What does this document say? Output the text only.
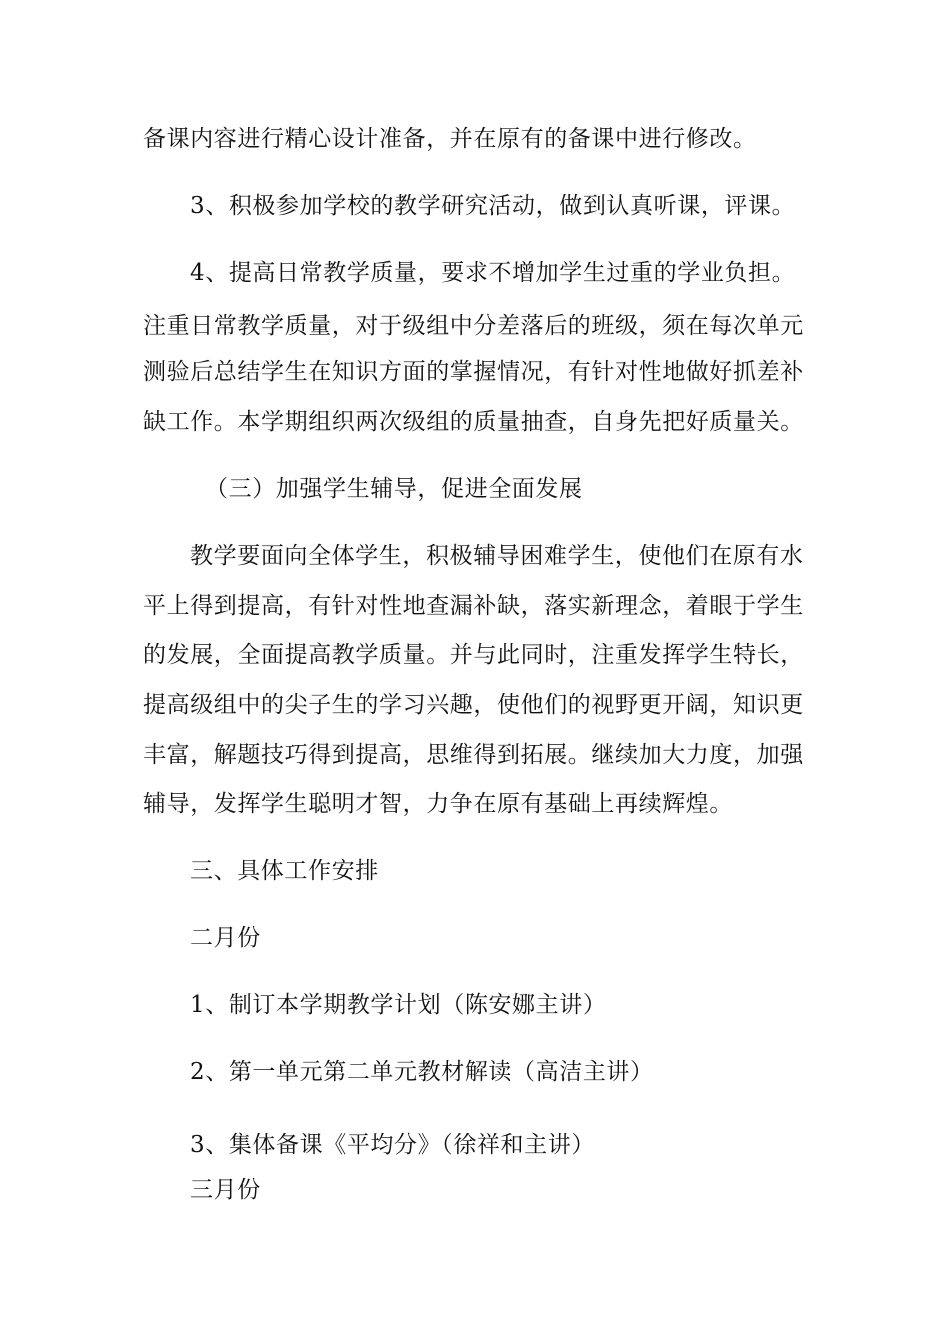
备课内容进行精心设计准备，并在原有的备课中进行修改。
3、积极参加学校的教学研究活动，做到认真听课，评课。
4、提高日常教学质量，要求不增加学生过重的学业负担。
注重日常教学质量，对于级组中分差落后的班级，须在每次单元
测验后总结学生在知识方面的掌握情况，有针对性地做好抓差补
缺工作。本学期组织两次级组的质量抽查，自身先把好质量关。
（三）加强学生辅导，促进全面发展
教学要面向全体学生，积极辅导困难学生，使他们在原有水
平上得到提高，有针对性地查漏补缺，落实新理念，着眼于学生
的发展，全面提高教学质量。并与此同时，注重发挥学生特长，
提高级组中的尖子生的学习兴趣，使他们的视野更开阔，知识更
丰富，解题技巧得到提高，思维得到拓展。继续加大力度，加强
辅导，发挥学生聪明才智，力争在原有基础上再续辉煌。
三、具体工作安排
二月份
1、制订本学期教学计划（陈安娜主讲）
2、第一单元第二单元教材解读（高洁主讲）
3、集体备课《平均分》（徐祥和主讲）
三月份
